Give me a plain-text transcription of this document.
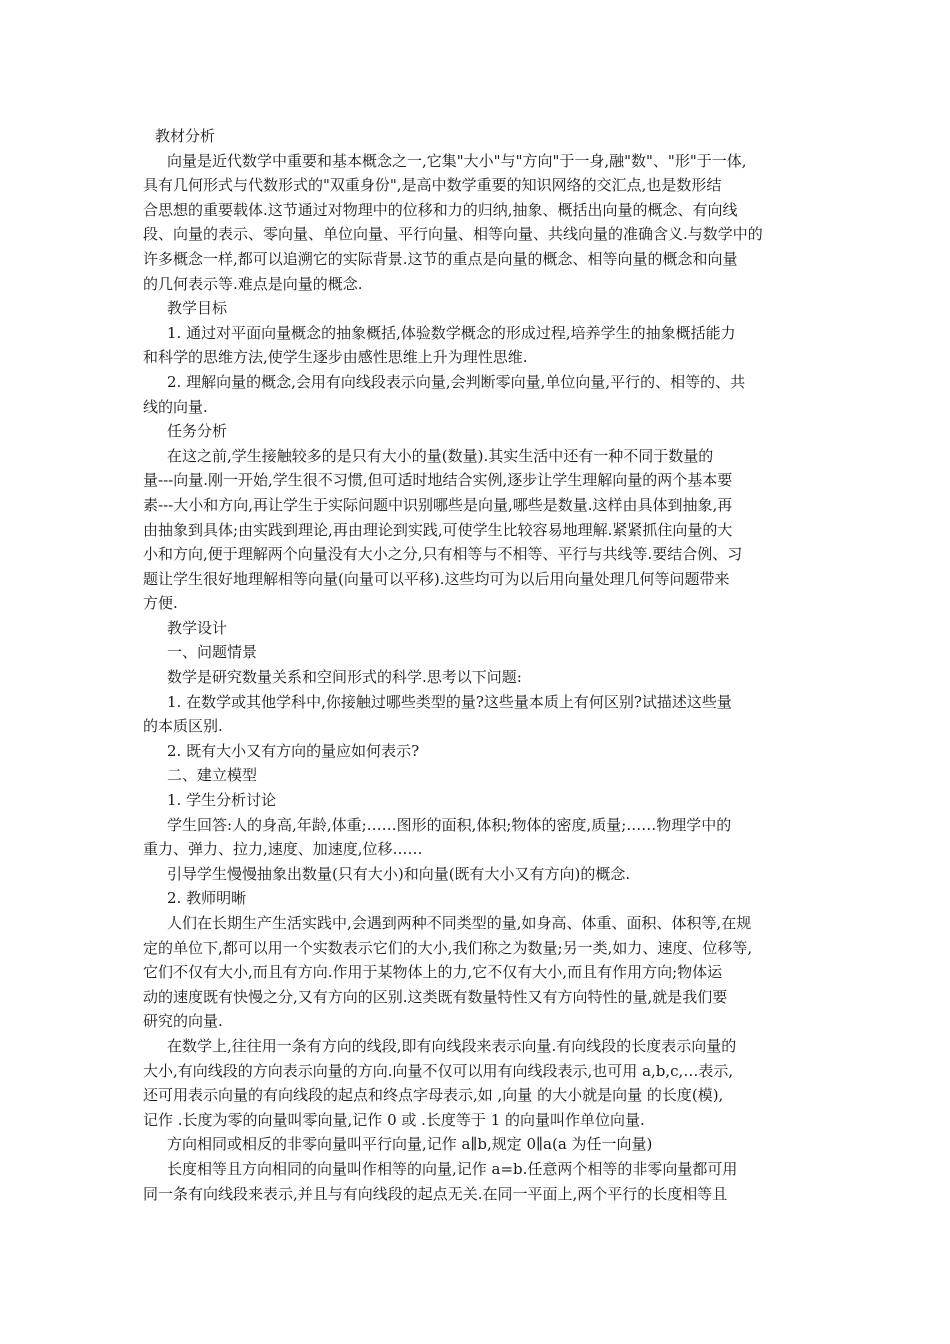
教材分析
向量是近代数学中重要和基本概念之一,它集"大小"与"方向"于一身,融"数"、"形"于一体,
具有几何形式与代数形式的"双重身份",是高中数学重要的知识网络的交汇点,也是数形结
合思想的重要载体.这节通过对物理中的位移和力的归纳,抽象、概括出向量的概念、有向线
段、向量的表示、零向量、单位向量、平行向量、相等向量、共线向量的准确含义.与数学中的
许多概念一样,都可以追溯它的实际背景.这节的重点是向量的概念、相等向量的概念和向量
的几何表示等.难点是向量的概念.
教学目标
1. 通过对平面向量概念的抽象概括,体验数学概念的形成过程,培养学生的抽象概括能力
和科学的思维方法,使学生逐步由感性思维上升为理性思维.
2. 理解向量的概念,会用有向线段表示向量,会判断零向量,单位向量,平行的、相等的、共
线的向量.
任务分析
在这之前,学生接触较多的是只有大小的量(数量).其实生活中还有一种不同于数量的
量---向量.刚一开始,学生很不习惯,但可适时地结合实例,逐步让学生理解向量的两个基本要
素---大小和方向,再让学生于实际问题中识别哪些是向量,哪些是数量.这样由具体到抽象,再
由抽象到具体;由实践到理论,再由理论到实践,可使学生比较容易地理解.紧紧抓住向量的大
小和方向,便于理解两个向量没有大小之分,只有相等与不相等、平行与共线等.要结合例、习
题让学生很好地理解相等向量(向量可以平移).这些均可为以后用向量处理几何等问题带来
方便.
教学设计
一、问题情景
数学是研究数量关系和空间形式的科学.思考以下问题:
1. 在数学或其他学科中,你接触过哪些类型的量?这些量本质上有何区别?试描述这些量
的本质区别.
2. 既有大小又有方向的量应如何表示?
二、建立模型
1. 学生分析讨论
学生回答:人的身高,年龄,体重;……图形的面积,体积;物体的密度,质量;……物理学中的
重力、弹力、拉力,速度、加速度,位移……
引导学生慢慢抽象出数量(只有大小)和向量(既有大小又有方向)的概念.
2. 教师明晰
人们在长期生产生活实践中,会遇到两种不同类型的量,如身高、体重、面积、体积等,在规
定的单位下,都可以用一个实数表示它们的大小,我们称之为数量;另一类,如力、速度、位移等,
它们不仅有大小,而且有方向.作用于某物体上的力,它不仅有大小,而且有作用方向;物体运
动的速度既有快慢之分,又有方向的区别.这类既有数量特性又有方向特性的量,就是我们要
研究的向量.
在数学上,往往用一条有方向的线段,即有向线段来表示向量.有向线段的长度表示向量的
大小,有向线段的方向表示向量的方向.向量不仅可以用有向线段表示,也可用 a,b,c,…表示,
还可用表示向量的有向线段的起点和终点字母表示,如 ,向量 的大小就是向量 的长度(模),
记作 .长度为零的向量叫零向量,记作 0 或 .长度等于 1 的向量叫作单位向量.
方向相同或相反的非零向量叫平行向量,记作 a∥b,规定 0∥a(a 为任一向量)
长度相等且方向相同的向量叫作相等的向量,记作 a=b.任意两个相等的非零向量都可用
同一条有向线段来表示,并且与有向线段的起点无关.在同一平面上,两个平行的长度相等且
